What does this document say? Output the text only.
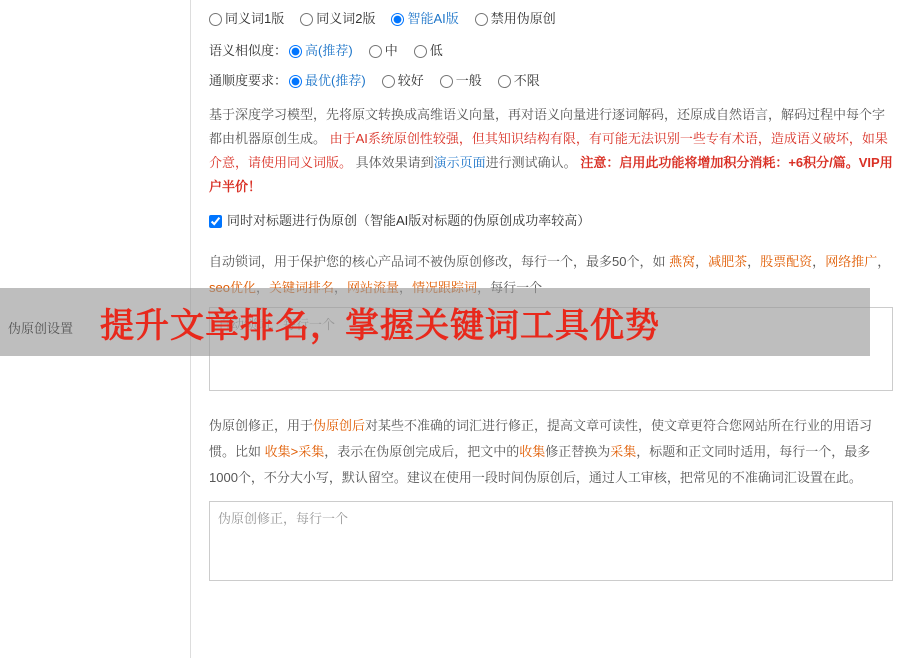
同义词1版 同义词2版 智能AI版 禁用伪原创
语义相似度： 高(推荐) 中 低
通顺度要求： 最优(推荐) 较好 一般 不限
基于深度学习模型，先将原文转换成高维语义向量，再对语义向量进行逐词解码，还原成自然语言，解码过程中每个字都由机器原创生成。 由于AI系统原创性较强，但其知识结构有限，有可能无法识别一些专有术语，造成语义破坏，如果介意，请使用同义词版。 具体效果请到演示页面进行测试确认。 注意：启用此功能将增加积分消耗：+6积分/篇。VIP用户半价！
同时对标题进行伪原创（智能AI版对标题的伪原创成功率较高）
自动锁词，用于保护您的核心产品词不被伪原创修改，每行一个，最多50个，如 燕窝，减肥茶，股票配资，网络推广，
自动锁词，每行一个
伪原创修正，用于伪原创后对某些不准确的词汇进行修正，提高文章可读性，使文章更符合您网站所在行业的用语习惯。比如 收集>采集，表示在伪原创完成后，把文中的收集修正替换为采集，标题和正文同时适用，每行一个，最多1000个，不分大小写，默认留空。建议在使用一段时间伪原创后，通过人工审核，把常见的不准确词汇设置在此。
伪原创修正，每行一个
提升文章排名，掌握关键词工具优势
伪原创设置
